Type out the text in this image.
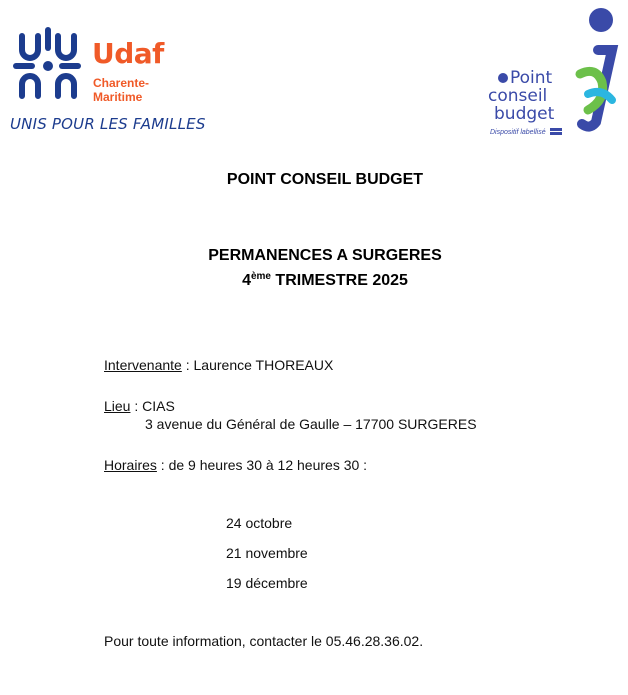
Udaf
Charente-Maritime
UNIS POUR LES FAMILLES
Point
conseil
budget
Dispositif labellisé
POINT CONSEIL BUDGET
PERMANENCES A SURGERES
4ème TRIMESTRE 2025
Intervenante : Laurence THOREAUX
Lieu : CIAS
3 avenue du Général de Gaulle – 17700 SURGERES
Horaires : de 9 heures 30 à 12 heures 30 :
24 octobre
21 novembre
19 décembre
Pour toute information, contacter le 05.46.28.36.02.
